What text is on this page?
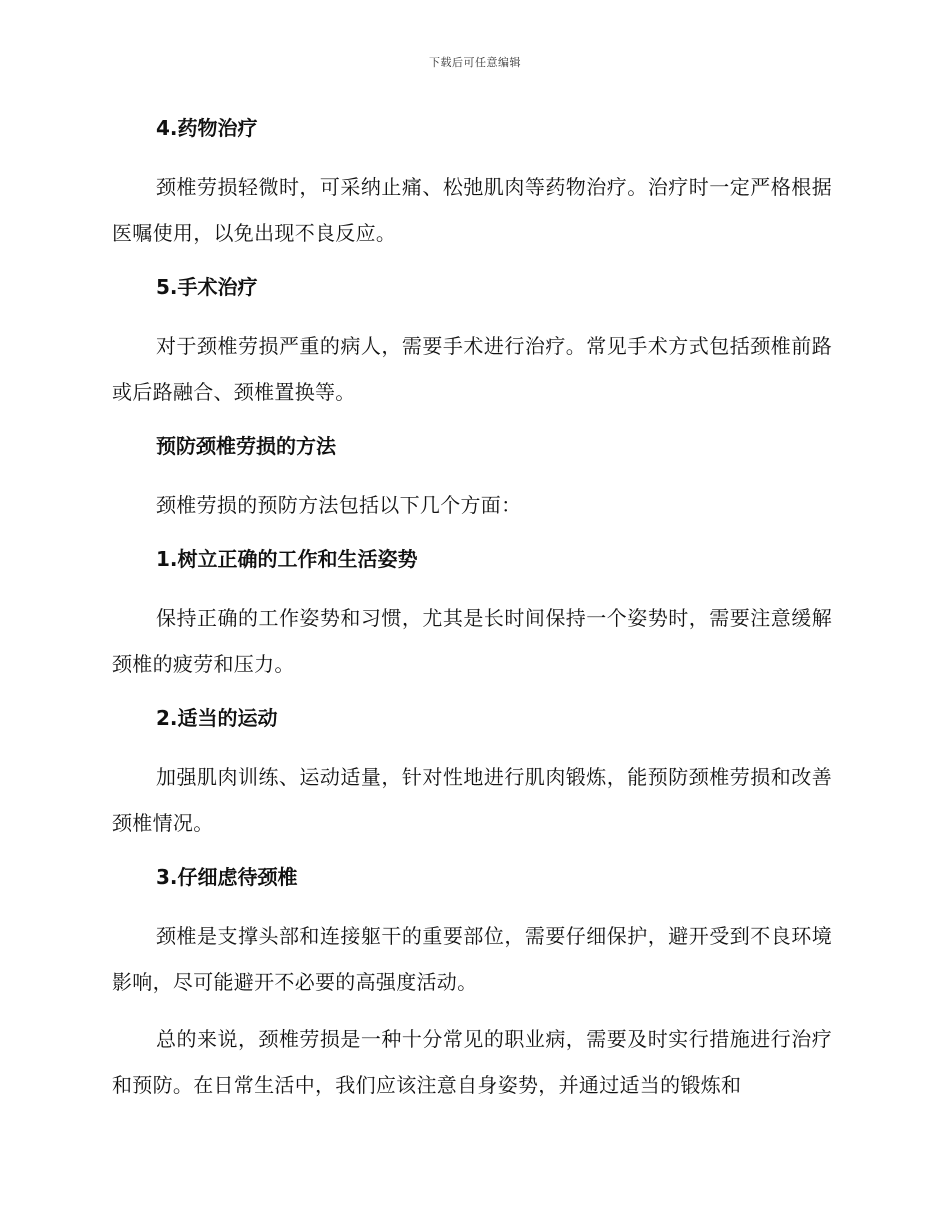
下载后可任意编辑
4.药物治疗
颈椎劳损轻微时，可采纳止痛、松弛肌肉等药物治疗。治疗时一定严格根据医嘱使用，以免出现不良反应。
5.手术治疗
对于颈椎劳损严重的病人，需要手术进行治疗。常见手术方式包括颈椎前路或后路融合、颈椎置换等。
预防颈椎劳损的方法
颈椎劳损的预防方法包括以下几个方面：
1.树立正确的工作和生活姿势
保持正确的工作姿势和习惯，尤其是长时间保持一个姿势时，需要注意缓解颈椎的疲劳和压力。
2.适当的运动
加强肌肉训练、运动适量，针对性地进行肌肉锻炼，能预防颈椎劳损和改善颈椎情况。
3.仔细虑待颈椎
颈椎是支撑头部和连接躯干的重要部位，需要仔细保护，避开受到不良环境影响，尽可能避开不必要的高强度活动。
总的来说，颈椎劳损是一种十分常见的职业病，需要及时实行措施进行治疗和预防。在日常生活中，我们应该注意自身姿势，并通过适当的锻炼和
